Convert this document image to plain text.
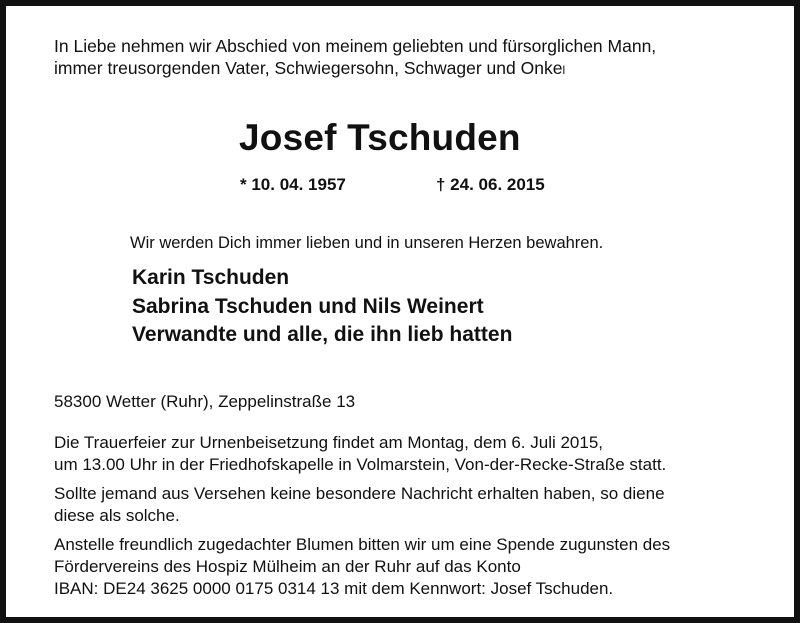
In Liebe nehmen wir Abschied von meinem geliebten und fürsorglichen Mann,
immer treusorgenden Vater, Schwiegersohn, Schwager und Onkel
Josef Tschuden
* 10. 04. 1957	† 24. 06. 2015
Wir werden Dich immer lieben und in unseren Herzen bewahren.
Karin Tschuden
Sabrina Tschuden und Nils Weinert
Verwandte und alle, die ihn lieb hatten
58300 Wetter (Ruhr), Zeppelinstraße 13
Die Trauerfeier zur Urnenbeisetzung findet am Montag, dem 6. Juli 2015,
um 13.00 Uhr in der Friedhofskapelle in Volmarstein, Von-der-Recke-Straße statt.
Sollte jemand aus Versehen keine besondere Nachricht erhalten haben, so diene
diese als solche.
Anstelle freundlich zugedachter Blumen bitten wir um eine Spende zugunsten des
Fördervereins des Hospiz Mülheim an der Ruhr auf das Konto
IBAN: DE24 3625 0000 0175 0314 13 mit dem Kennwort: Josef Tschuden.
